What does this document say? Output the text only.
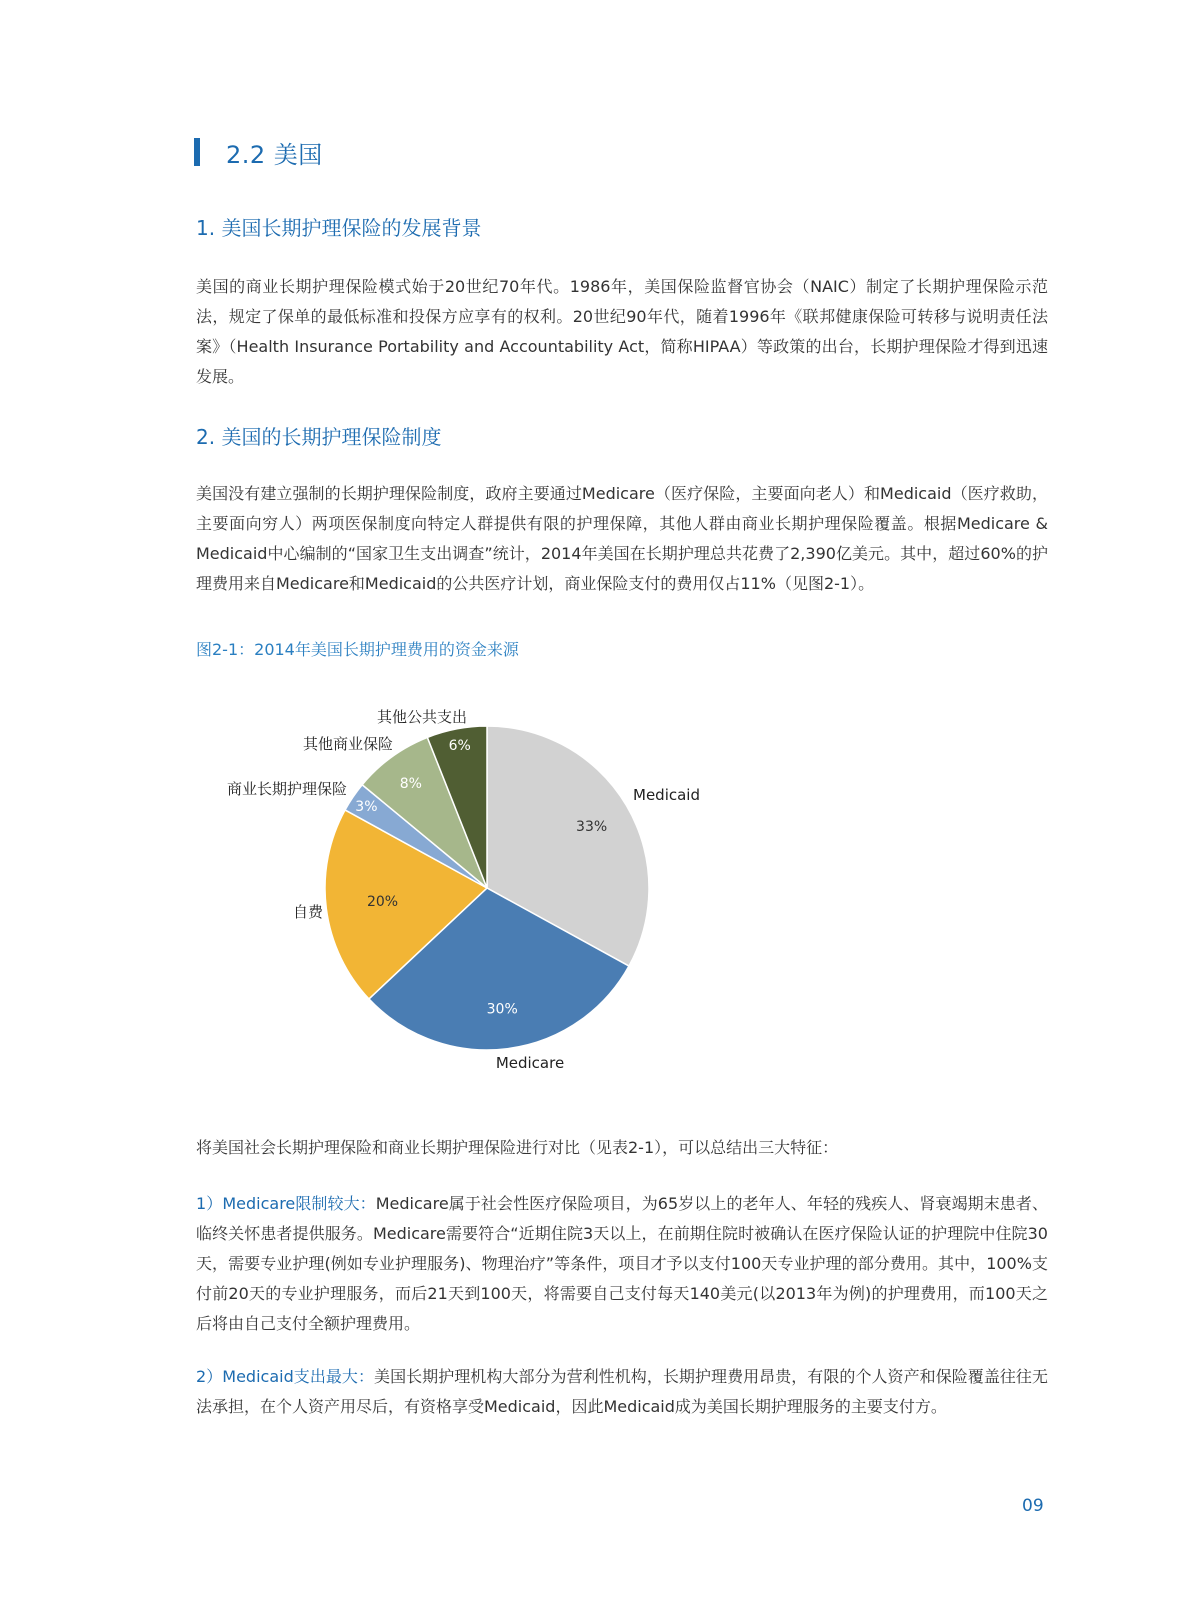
2.2 美国
1. 美国长期护理保险的发展背景

美国的商业长期护理保险模式始于20世纪70年代。1986年，美国保险监督官协会（NAIC）制定了长期护理保险示范法，规定了保单的最低标准和投保方应享有的权利。20世纪90年代，随着1996年《联邦健康保险可转移与说明责任法案》（Health Insurance Portability and Accountability Act，简称HIPAA）等政策的出台，长期护理保险才得到迅速发展。

2. 美国的长期护理保险制度

美国没有建立强制的长期护理保险制度，政府主要通过Medicare（医疗保险，主要面向老人）和Medicaid（医疗救助，主要面向穷人）两项医保制度向特定人群提供有限的护理保障，其他人群由商业长期护理保险覆盖。根据Medicare & Medicaid中心编制的“国家卫生支出调查”统计，2014年美国在长期护理总共花费了2,390亿美元。其中，超过60%的护理费用来自Medicare和Medicaid的公共医疗计划，商业保险支付的费用仅占11%（见图2-1）。

图2-1：2014年美国长期护理费用的资金来源
33%
Medicaid
30%
Medicare
20%
自费
3%
商业长期护理保险	8%
其他商业保险	6%
其他公共支出

将美国社会长期护理保险和商业长期护理保险进行对比（见表2-1），可以总结出三大特征：

1）Medicare限制较大：Medicare属于社会性医疗保险项目，为65岁以上的老年人、年轻的残疾人、肾衰竭期末患者、临终关怀患者提供服务。Medicare需要符合“近期住院3天以上，在前期住院时被确认在医疗保险认证的护理院中住院30天，需要专业护理(例如专业护理服务)、物理治疗”等条件，项目才予以支付100天专业护理的部分费用。其中，100%支付前20天的专业护理服务，而后21天到100天，将需要自己支付每天140美元(以2013年为例)的护理费用，而100天之后将由自己支付全额护理费用。

2）Medicaid支出最大：美国长期护理机构大部分为营利性机构，长期护理费用昂贵，有限的个人资产和保险覆盖往往无法承担，在个人资产用尽后，有资格享受Medicaid，因此Medicaid成为美国长期护理服务的主要支付方。

09
